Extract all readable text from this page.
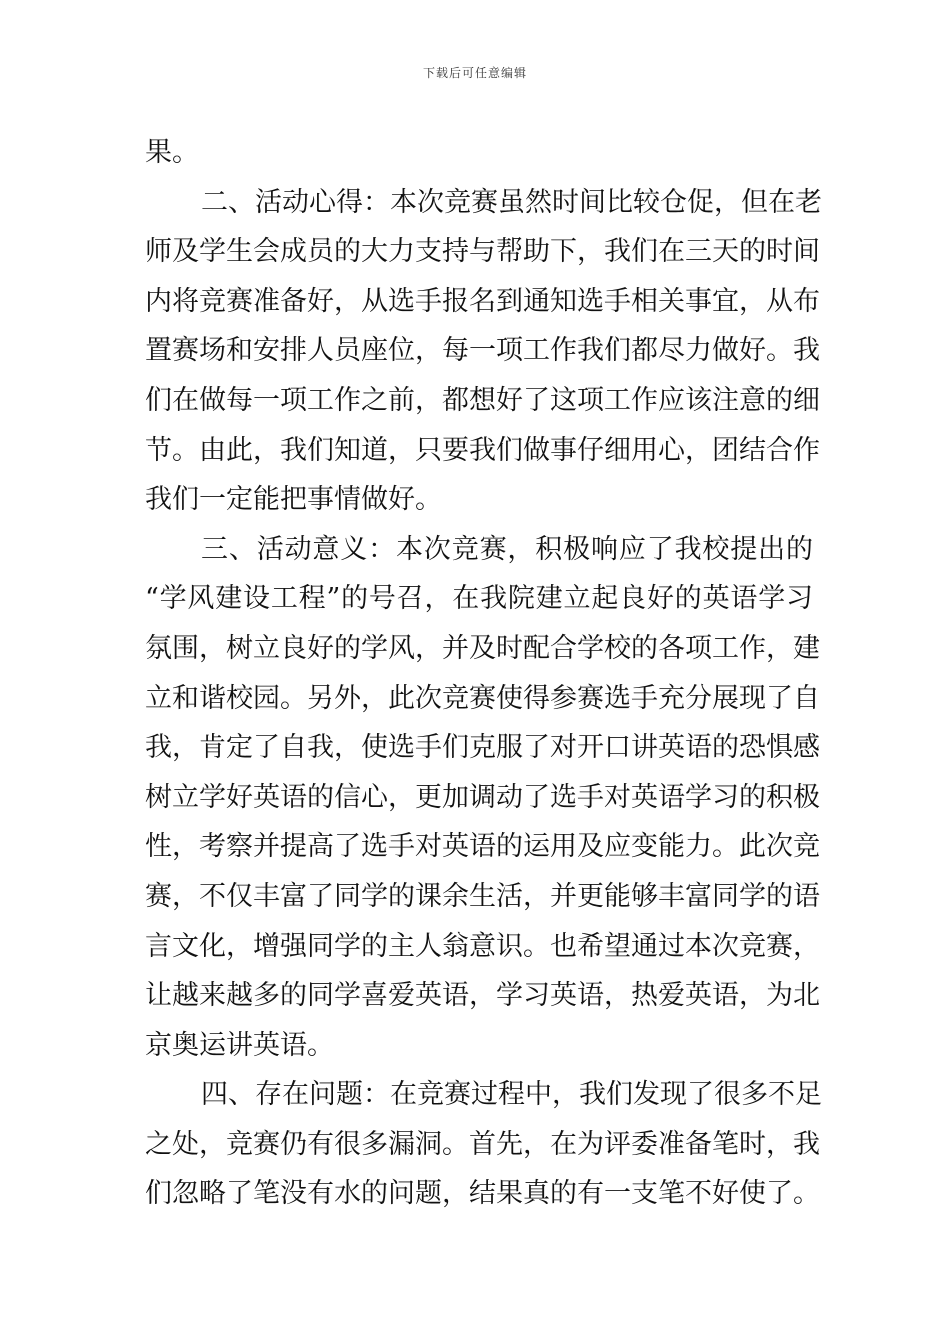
下载后可任意编辑
果。
二、活动心得：本次竞赛虽然时间比较仓促，但在老
师及学生会成员的大力支持与帮助下，我们在三天的时间
内将竞赛准备好，从选手报名到通知选手相关事宜，从布
置赛场和安排人员座位，每一项工作我们都尽力做好。我
们在做每一项工作之前，都想好了这项工作应该注意的细
节。由此，我们知道，只要我们做事仔细用心，团结合作
我们一定能把事情做好。
三、活动意义：本次竞赛，积极响应了我校提出的
“学风建设工程”的号召，在我院建立起良好的英语学习
氛围，树立良好的学风，并及时配合学校的各项工作，建
立和谐校园。另外，此次竞赛使得参赛选手充分展现了自
我，肯定了自我，使选手们克服了对开口讲英语的恐惧感
树立学好英语的信心，更加调动了选手对英语学习的积极
性，考察并提高了选手对英语的运用及应变能力。此次竞
赛，不仅丰富了同学的课余生活，并更能够丰富同学的语
言文化，增强同学的主人翁意识。也希望通过本次竞赛，
让越来越多的同学喜爱英语，学习英语，热爱英语，为北
京奥运讲英语。
四、存在问题：在竞赛过程中，我们发现了很多不足
之处，竞赛仍有很多漏洞。首先，在为评委准备笔时，我
们忽略了笔没有水的问题，结果真的有一支笔不好使了。
